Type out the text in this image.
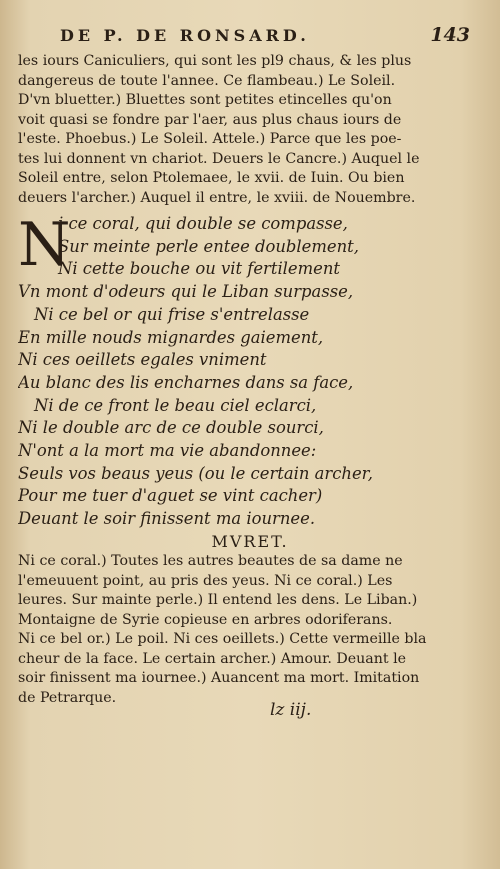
DE P. DE RONSARD.	143
les iours Caniculiers, qui sont les pl9 chaus, & les plus
dangereus de toute l'annee. Ce flambeau.) Le Soleil.
D'vn bluetter.) Bluettes sont petites etincelles qu'on
voit quasi se fondre par l'aer, aus plus chaus iours de
l'este. Phoebus.) Le Soleil. Attele.) Parce que les poe-
tes lui donnent vn chariot. Deuers le Cancre.) Auquel le
Soleil entre, selon Ptolemaee, le xvii. de Iuin. Ou bien
deuers l'archer.) Auquel il entre, le xviii. de Nouembre.
N
i ce coral, qui double se compasse,
Sur meinte perle entee doublement,
Ni cette bouche ou vit fertilement
Vn mont d'odeurs qui le Liban surpasse,
Ni ce bel or qui frise s'entrelasse
En mille nouds mignardes gaiement,
Ni ces oeillets egales vniment
Au blanc des lis encharnes dans sa face,
Ni de ce front le beau ciel eclarci,
Ni le double arc de ce double sourci,
N'ont a la mort ma vie abandonnee:
Seuls vos beaus yeus (ou le certain archer,
Pour me tuer d'aguet se vint cacher)
Deuant le soir finissent ma iournee.
MVRET.
Ni ce coral.) Toutes les autres beautes de sa dame ne
l'emeuuent point, au pris des yeus. Ni ce coral.) Les
leures. Sur mainte perle.) Il entend les dens. Le Liban.)
Montaigne de Syrie copieuse en arbres odoriferans.
Ni ce bel or.) Le poil. Ni ces oeillets.) Cette vermeille bla
cheur de la face. Le certain archer.) Amour. Deuant le
soir finissent ma iournee.) Auancent ma mort. Imitation
de Petrarque.
lz iij.
